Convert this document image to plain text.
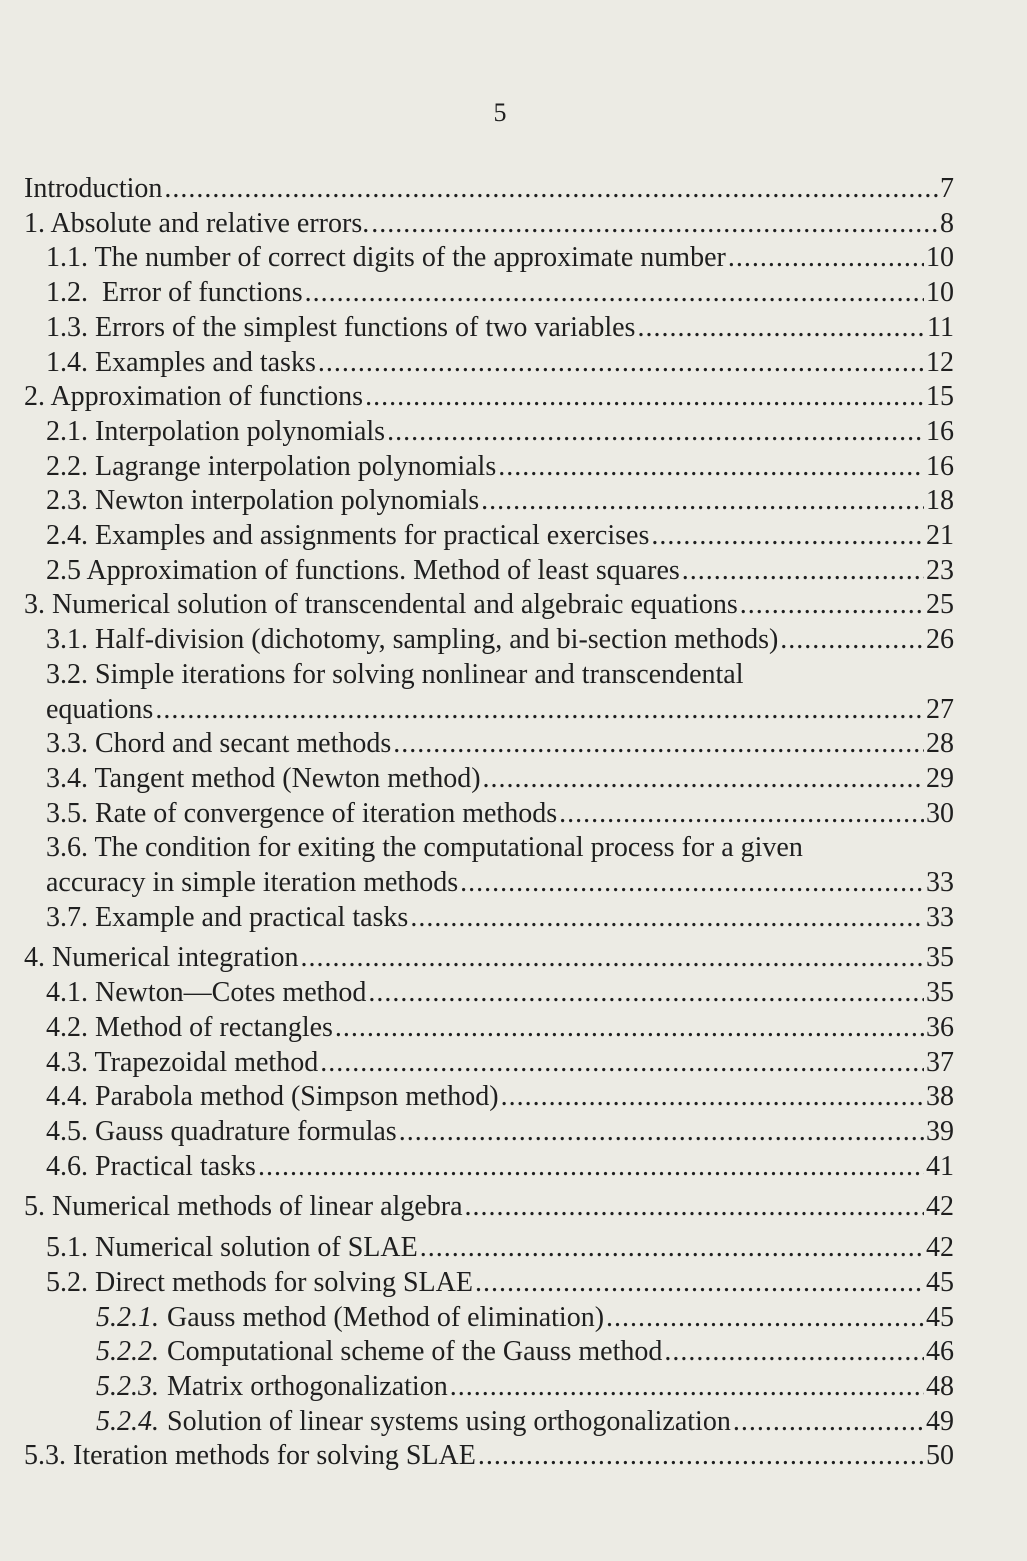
5
Introduction .....	7
1. Absolute and relative errors. .....	8
1.1. The number of correct digits of the approximate number .....	10
1.2.  Error of functions .....	10
1.3. Errors of the simplest functions of two variables .....	11
1.4. Examples and tasks .....	12
2. Approximation of functions .....	15
2.1. Interpolation polynomials .....	16
2.2. Lagrange interpolation polynomials .....	16
2.3. Newton interpolation polynomials .....	18
2.4. Examples and assignments for practical exercises .....	21
2.5 Approximation of functions. Method of least squares .....	23
3. Numerical solution of transcendental and algebraic equations .....	25
3.1. Half-division (dichotomy, sampling, and bi-section methods) .....	26
3.2. Simple iterations for solving nonlinear and transcendental
equations .....	27
3.3. Chord and secant methods .....	28
3.4. Tangent method (Newton method) .....	29
3.5. Rate of convergence of iteration methods .....	30
3.6. The condition for exiting the computational process for a given
accuracy in simple iteration methods .....	33
3.7. Example and practical tasks .....	33
4. Numerical integration .....	35
4.1. Newton—Cotes method .....	35
4.2. Method of rectangles .....	36
4.3. Trapezoidal method .....	37
4.4. Parabola method (Simpson method) .....	38
4.5. Gauss quadrature formulas .....	39
4.6. Practical tasks .....	41
5. Numerical methods of linear algebra .....	42
5.1. Numerical solution of SLAE .....	42
5.2. Direct methods for solving SLAE .....	45
5.2.1. Gauss method (Method of elimination) .....	45
5.2.2. Computational scheme of the Gauss method .....	46
5.2.3. Matrix orthogonalization .....	48
5.2.4. Solution of linear systems using orthogonalization .....	49
5.3. Iteration methods for solving SLAE .....	50
